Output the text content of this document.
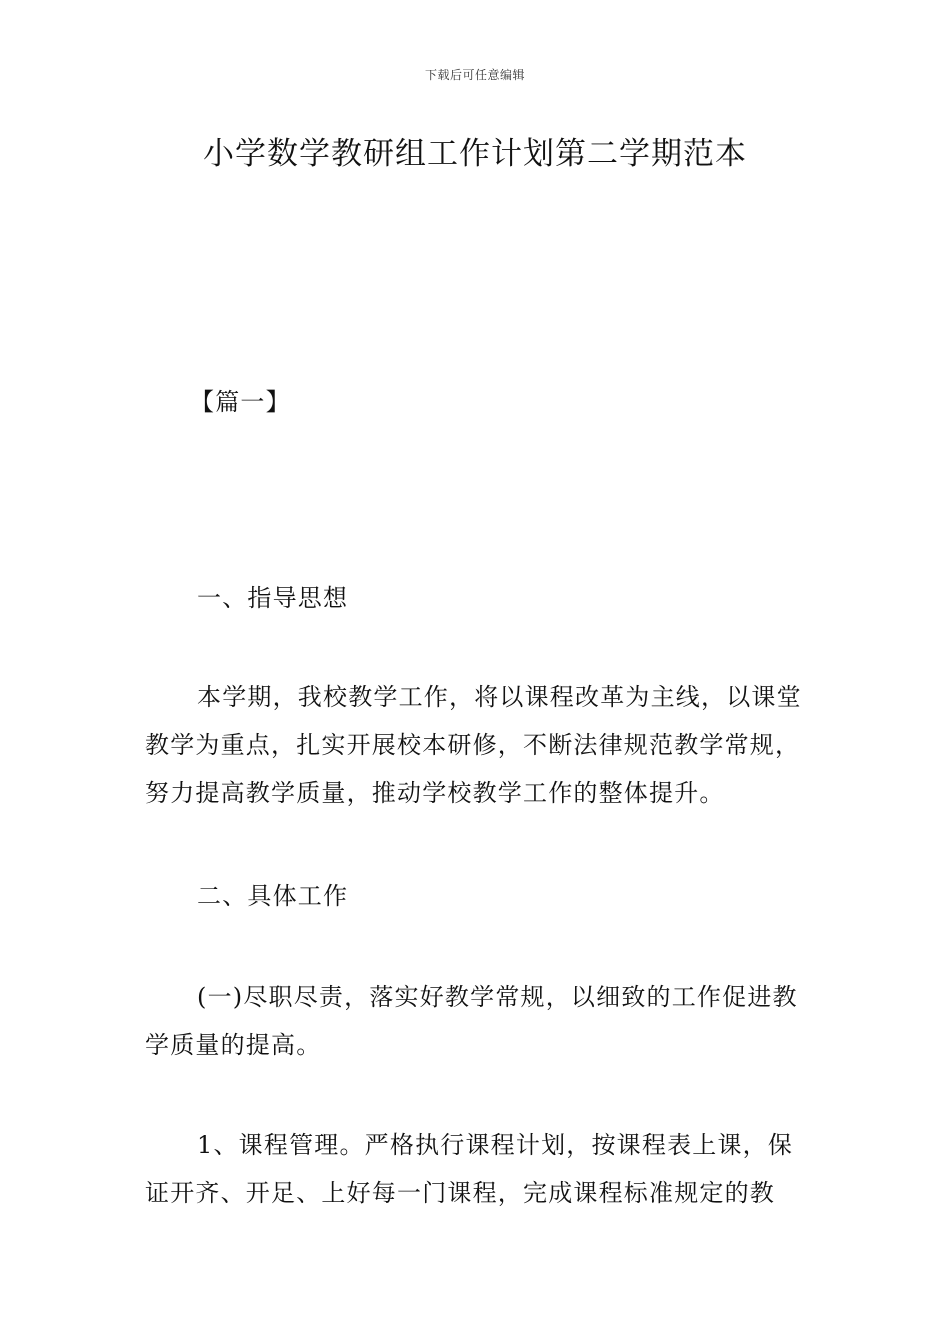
下载后可任意编辑
小学数学教研组工作计划第二学期范本

【篇一】

一、指导思想

本学期，我校教学工作，将以课程改革为主线，以课堂教学为重点，扎实开展校本研修，不断法律规范教学常规，努力提高教学质量，推动学校教学工作的整体提升。

二、具体工作

(一)尽职尽责，落实好教学常规，以细致的工作促进教学质量的提高。

1、课程管理。严格执行课程计划，按课程表上课，保证开齐、开足、上好每一门课程，完成课程标准规定的教
